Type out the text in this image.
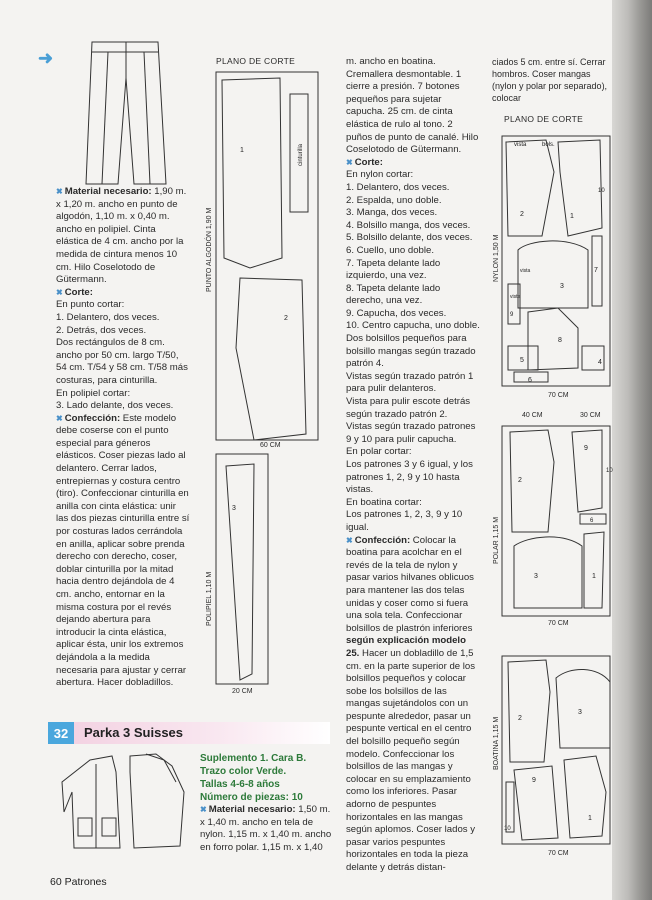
➜

✖ Material necesario: 1,90 m. x 1,20 m. ancho en punto de algodón, 1,10 m. x 0,40 m. ancho en polipiel. Cinta elástica de 4 cm. ancho por la medida de cintura menos 10 cm. Hilo Coselotodo de Gütermann.

✖ Corte:

En punto cortar:

1. Delantero, dos veces.

2. Detrás, dos veces.

Dos rectángulos de 8 cm. ancho por 50 cm. largo T/50, 54 cm. T/54 y 58 cm. T/58 más costuras, para cinturilla.

En polipiel cortar:

3. Lado delante, dos veces.

✖ Confección: Este modelo debe coserse con el punto especial para géneros elásticos. Coser piezas lado al delantero. Cerrar lados, entrepiernas y costura centro (tiro). Confeccionar cinturilla en anilla con cinta elástica: unir las dos piezas cinturilla entre sí por costuras lados cerrándola en anilla, aplicar sobre prenda derecho con derecho, coser, doblar cinturilla por la mitad hacia dentro dejándola de 4 cm. ancho, entornar en la misma costura por el revés dejando abertura para introducir la cinta elástica, aplicar ésta, unir los extremos dejándola a la medida necesaria para ajustar y cerrar abertura. Hacer dobladillos.

PLANO DE CORTE
1
2
cinturilla
PUNTO ALGODÓN 1,90 M
60 CM
3
POLIPIEL 1,10 M
20 CM
32	Parka 3 Suisses

Suplemento 1. Cara B.

Trazo color Verde.

Tallas 4-6-8 años

Número de piezas: 10

✖ Material necesario: 1,50 m. x 1,40 m. ancho en tela de nylon. 1,15 m. x 1,40 m. ancho en forro polar. 1,15 m. x 1,40

m. ancho en boatina. Cremallera desmontable. 1 cierre a presión. 7 botones pequeños para sujetar capucha. 25 cm. de cinta elástica de rulo al tono. 2 puños de punto de canalé. Hilo Coselotodo de Gütermann.

✖ Corte:

En nylon cortar:

1. Delantero, dos veces.

2. Espalda, uno doble.

3. Manga, dos veces.

4. Bolsillo manga, dos veces.

5. Bolsillo delante, dos veces.

6. Cuello, uno doble.

7. Tapeta delante lado izquierdo, una vez.

8. Tapeta delante lado derecho, una vez.

9. Capucha, dos veces.

10. Centro capucha, uno doble.

Dos bolsillos pequeños para bolsillo mangas según trazado patrón 4.

Vistas según trazado patrón 1 para pulir delanteros.

Vista para pulir escote detrás según trazado patrón 2.

Vistas según trazado patrones 9 y 10 para pulir capucha.

En polar cortar:

Los patrones 3 y 6 igual, y los patrones 1, 2, 9 y 10 hasta vistas.

En boatina cortar:

Los patrones 1, 2, 3, 9 y 10 igual.

✖ Confección: Colocar la boatina para acolchar en el revés de la tela de nylon y pasar varios hilvanes oblicuos para mantener las dos telas unidas y coser como si fuera una sola tela. Confeccionar bolsillos de plastrón inferiores según explicación modelo 25. Hacer un dobladillo de 1,5 cm. en la parte superior de los bolsillos pequeños y colocar sobe los bolsillos de las mangas sujetándolos con un pespunte alrededor, pasar un pespunte vertical en el centro del bolsillo pequeño según modelo. Confeccionar los bolsillos de las mangas y colocar en su emplazamiento como los inferiores. Pasar adorno de pespuntes horizontales en las mangas según aplomos. Coser lados y pasar varios pespuntes horizontales en toda la pieza delante y detrás distan-

ciados 5 cm. entre sí. Cerrar hombros. Coser mangas (nylon y polar por separado), colocar

PLANO DE CORTE
vista	bols.
1
2
3
4
5
6
7
8
9
10
vista
vista
NYLON 1,50 M
70 CM
40 CM	30 CM
2
9
10
6
1
3
POLAR 1,15 M
70 CM
2
3
9
10
1
BOATINA 1,15 M
70 CM
60 Patrones
